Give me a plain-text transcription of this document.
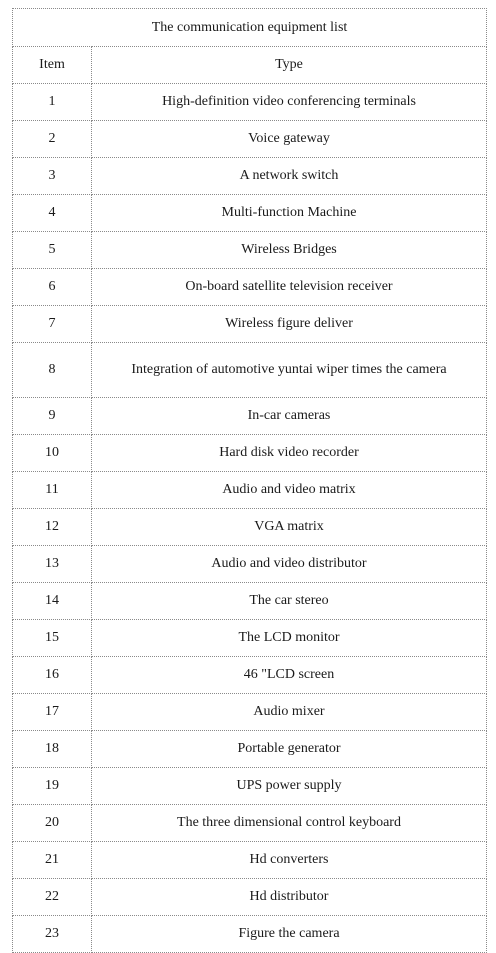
The communication equipment list	
Item	Type
1	High-definition video conferencing terminals
2	Voice gateway
3	A network switch
4	Multi-function Machine
5	Wireless Bridges
6	On-board satellite television receiver
7	Wireless figure deliver
8	Integration of automotive yuntai wiper times the camera
9	In-car cameras
10	Hard disk video recorder
11	Audio and video matrix
12	VGA matrix
13	Audio and video distributor
14	The car stereo
15	The LCD monitor
16	46 "LCD screen
17	Audio mixer
18	Portable generator
19	UPS power supply
20	The three dimensional control keyboard
21	Hd converters
22	Hd distributor
23	Figure the camera
